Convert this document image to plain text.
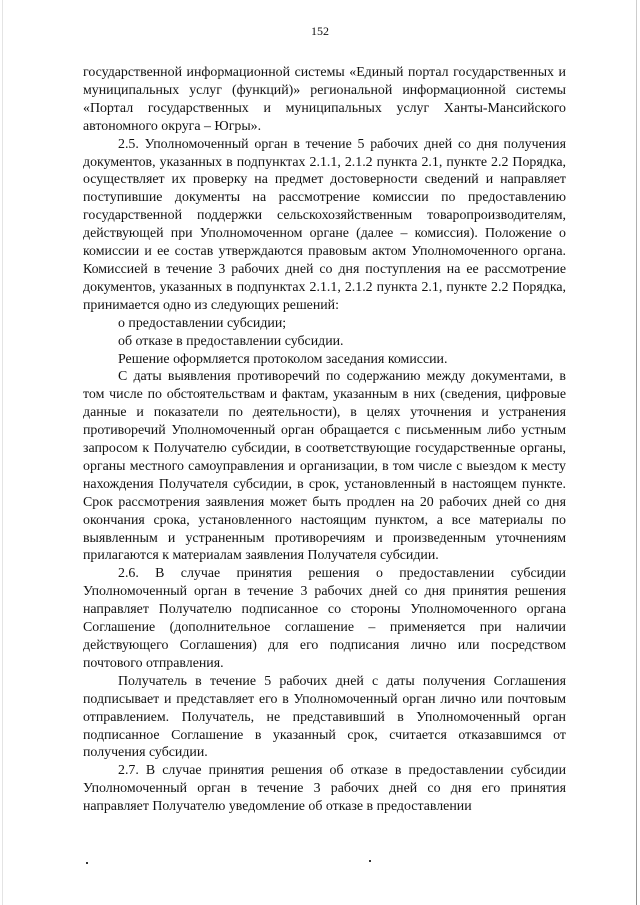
152

государственной информационной системы «Единый портал государственных и муниципальных услуг (функций)» региональной информационной системы «Портал государственных и муниципальных услуг Ханты-Мансийского автономного округа – Югры».

2.5. Уполномоченный орган в течение 5 рабочих дней со дня получения документов, указанных в подпунктах 2.1.1, 2.1.2 пункта 2.1, пункте 2.2 Порядка, осуществляет их проверку на предмет достоверности сведений и направляет поступившие документы на рассмотрение комиссии по предоставлению государственной поддержки сельскохозяйственным товаропроизводителям, действующей при Уполномоченном органе (далее – комиссия). Положение о комиссии и ее состав утверждаются правовым актом Уполномоченного органа. Комиссией в течение 3 рабочих дней со дня поступления на ее рассмотрение документов, указанных в подпунктах 2.1.1, 2.1.2 пункта 2.1, пункте 2.2 Порядка, принимается одно из следующих решений:

о предоставлении субсидии;

об отказе в предоставлении субсидии.

Решение оформляется протоколом заседания комиссии.

С даты выявления противоречий по содержанию между документами, в том числе по обстоятельствам и фактам, указанным в них (сведения, цифровые данные и показатели по деятельности), в целях уточнения и устранения противоречий Уполномоченный орган обращается с письменным либо устным запросом к Получателю субсидии, в соответствующие государственные органы, органы местного самоуправления и организации, в том числе с выездом к месту нахождения Получателя субсидии, в срок, установленный в настоящем пункте. Срок рассмотрения заявления может быть продлен на 20 рабочих дней со дня окончания срока, установленного настоящим пунктом, а все материалы по выявленным и устраненным противоречиям и произведенным уточнениям прилагаются к материалам заявления Получателя субсидии.

2.6. В случае принятия решения о предоставлении субсидии Уполномоченный орган в течение 3 рабочих дней со дня принятия решения направляет Получателю подписанное со стороны Уполномоченного органа Соглашение (дополнительное соглашение – применяется при наличии действующего Соглашения) для его подписания лично или посредством почтового отправления.

Получатель в течение 5 рабочих дней с даты получения Соглашения подписывает и представляет его в Уполномоченный орган лично или почтовым отправлением. Получатель, не представивший в Уполномоченный орган подписанное Соглашение в указанный срок, считается отказавшимся от получения субсидии.

2.7. В случае принятия решения об отказе в предоставлении субсидии Уполномоченный орган в течение 3 рабочих дней со дня его принятия направляет Получателю уведомление об отказе в предоставлении
